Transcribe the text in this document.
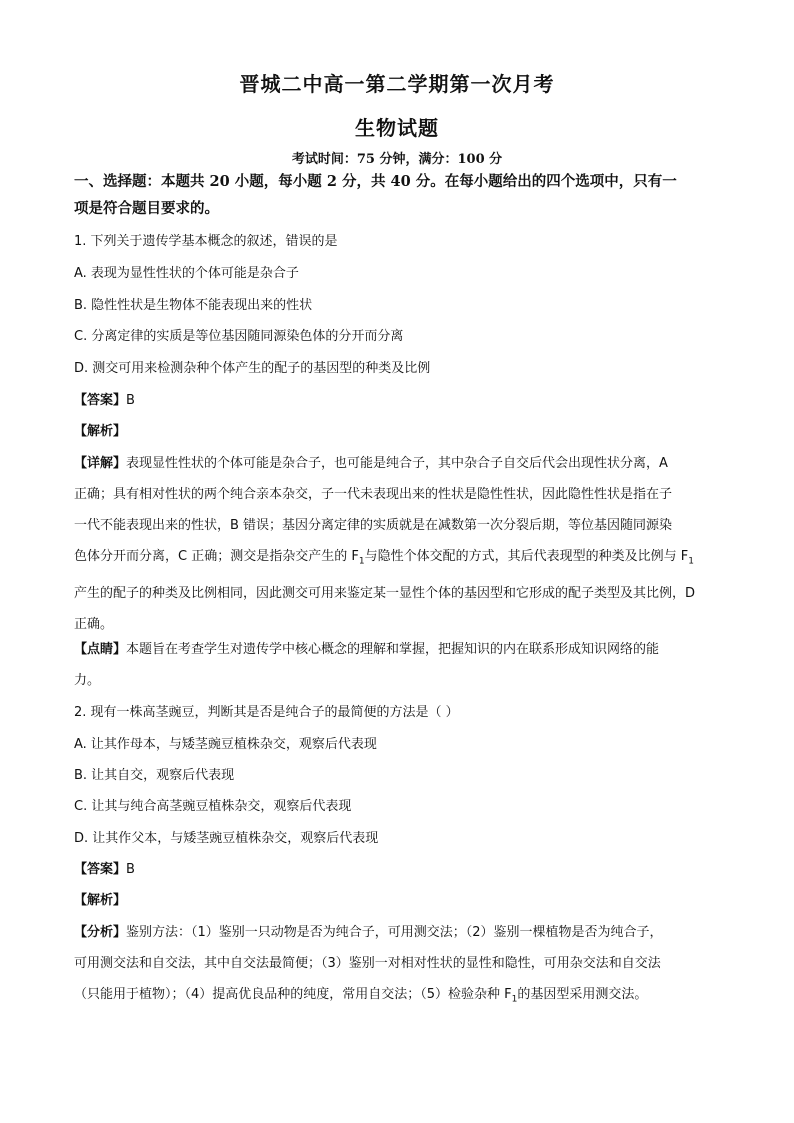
晋城二中高一第二学期第一次月考
生物试题
考试时间：75 分钟，满分：100 分
一、选择题：本题共 20 小题，每小题 2 分，共 40 分。在每小题给出的四个选项中，只有一
项是符合题目要求的。
1. 下列关于遗传学基本概念的叙述，错误的是
A. 表现为显性性状的个体可能是杂合子
B. 隐性性状是生物体不能表现出来的性状
C. 分离定律的实质是等位基因随同源染色体的分开而分离
D. 测交可用来检测杂种个体产生的配子的基因型的种类及比例
【答案】B
【解析】
【详解】表现显性性状的个体可能是杂合子，也可能是纯合子，其中杂合子自交后代会出现性状分离，A
正确；具有相对性状的两个纯合亲本杂交，子一代未表现出来的性状是隐性性状，因此隐性性状是指在子
一代不能表现出来的性状，B 错误；基因分离定律的实质就是在减数第一次分裂后期，等位基因随同源染
色体分开而分离，C 正确；测交是指杂交产生的 $F_1$与隐性个体交配的方式，其后代表现型的种类及比例与 $F_1$
产生的配子的种类及比例相同，因此测交可用来鉴定某一显性个体的基因型和它形成的配子类型及其比例，D
正确。
【点睛】本题旨在考查学生对遗传学中核心概念的理解和掌握，把握知识的内在联系形成知识网络的能
力。
2. 现有一株高茎豌豆，判断其是否是纯合子的最简便的方法是（ ）
A. 让其作母本，与矮茎豌豆植株杂交，观察后代表现
B. 让其自交，观察后代表现
C. 让其与纯合高茎豌豆植株杂交，观察后代表现
D. 让其作父本，与矮茎豌豆植株杂交，观察后代表现
【答案】B
【解析】
【分析】鉴别方法：（1）鉴别一只动物是否为纯合子，可用测交法；（2）鉴别一棵植物是否为纯合子，
可用测交法和自交法，其中自交法最简便；（3）鉴别一对相对性状的显性和隐性，可用杂交法和自交法
（只能用于植物）；（4）提高优良品种的纯度，常用自交法；（5）检验杂种 $F_1$的基因型采用测交法。
